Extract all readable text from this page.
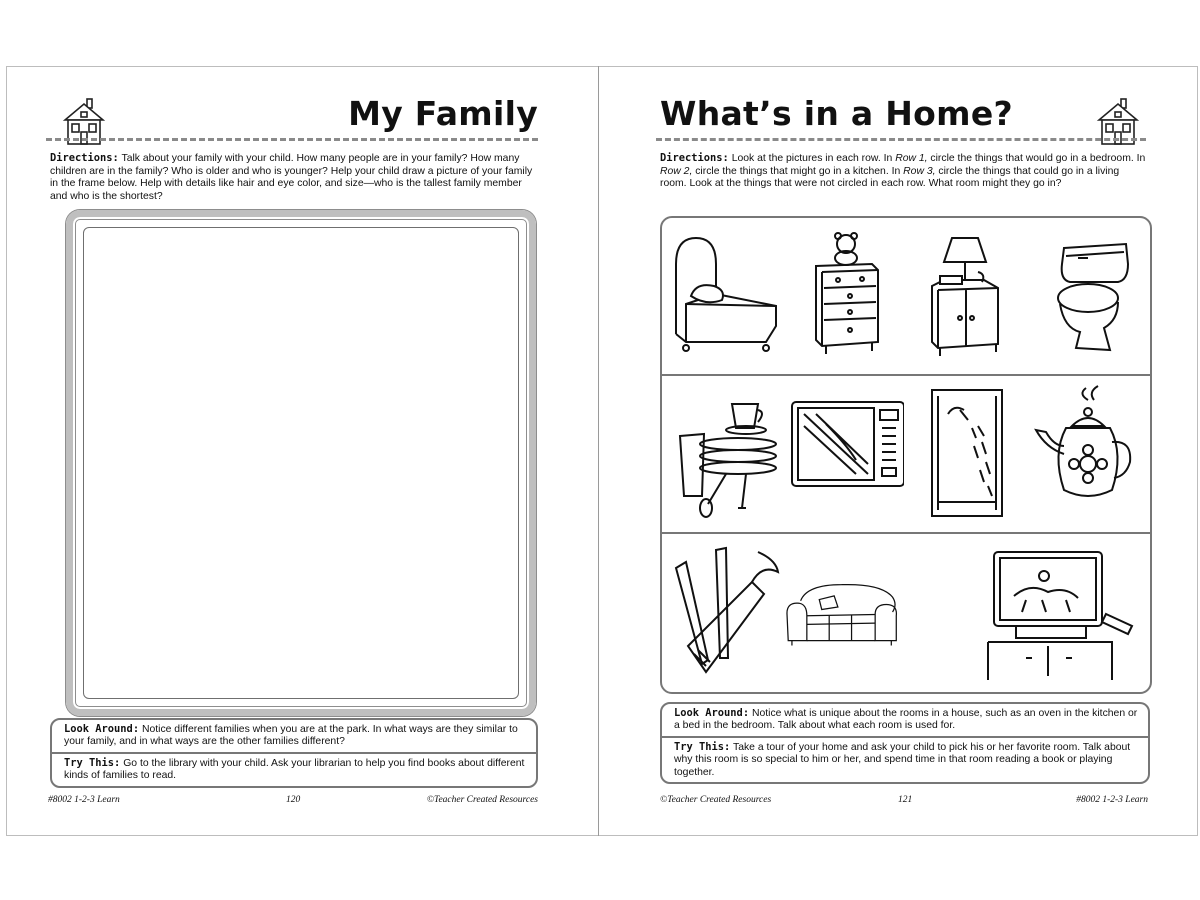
My Family
Directions: Talk about your family with your child. How many people are in your family? How many children are in the family? Who is older and who is younger? Help your child draw a picture of your family in the frame below. Help with details like hair and eye color, and size—who is the tallest family member and who is the shortest?
Look Around: Notice different families when you are at the park. In what ways are they similar to your family, and in what ways are the other families different?
Try This: Go to the library with your child. Ask your librarian to help you find books about different kinds of families to read.
#8002 1-2-3 Learn	120	©Teacher Created Resources
What’s in a Home?
Directions: Look at the pictures in each row. In Row 1, circle the things that would go in a bedroom. In Row 2, circle the things that might go in a kitchen. In Row 3, circle the things that could go in a living room. Look at the things that were not circled in each row. What room might they go in?
Look Around: Notice what is unique about the rooms in a house, such as an oven in the kitchen or a bed in the bedroom. Talk about what each room is used for.
Try This: Take a tour of your home and ask your child to pick his or her favorite room. Talk about why this room is so special to him or her, and spend time in that room reading a book or playing together.
©Teacher Created Resources	121	#8002 1-2-3 Learn
